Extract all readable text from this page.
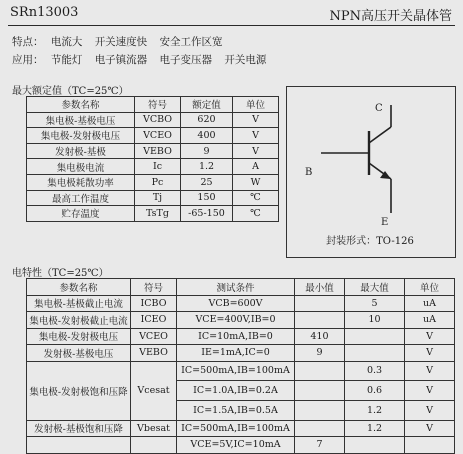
SRn13003	NPN高压开关晶体管
特点： 电流大 开关速度快 安全工作区宽
应用： 节能灯 电子镇流器 电子变压器 开关电源
最大额定值（TC=25℃）
参数名称	符号	额定值	单位
集电极-基极电压	VCBO	620	V
集电极-发射极电压	VCEO	400	V
发射极-基极	VEBO	9	V
集电极电流	Ic	1.2	A
集电极耗散功率	Pc	25	W
最高工作温度	Tj	150	℃
贮存温度	TsTg	-65-150	℃
C
B
E
封装形式：TO-126
电特性（TC=25℃）
参数名称	符号	测试条件	最小值	最大值	单位
集电极-基极截止电流	ICBO	VCB=600V		5	uA
集电极-发射极截止电流	ICEO	VCE=400V,IB=0		10	uA
集电极-发射极电压	VCEO	IC=10mA,IB=0	410		V
发射极-基极电压	VEBO	IE=1mA,IC=0	9		V
集电极-发射极饱和压降	Vcesat	IC=500mA,IB=100mA		0.3	V
		IC=1.0A,IB=0.2A		0.6	V
		IC=1.5A,IB=0.5A		1.2	V
发射极-基极饱和压降	Vbesat	IC=500mA,IB=100mA		1.2	V
		VCE=5V,IC=10mA	7		
